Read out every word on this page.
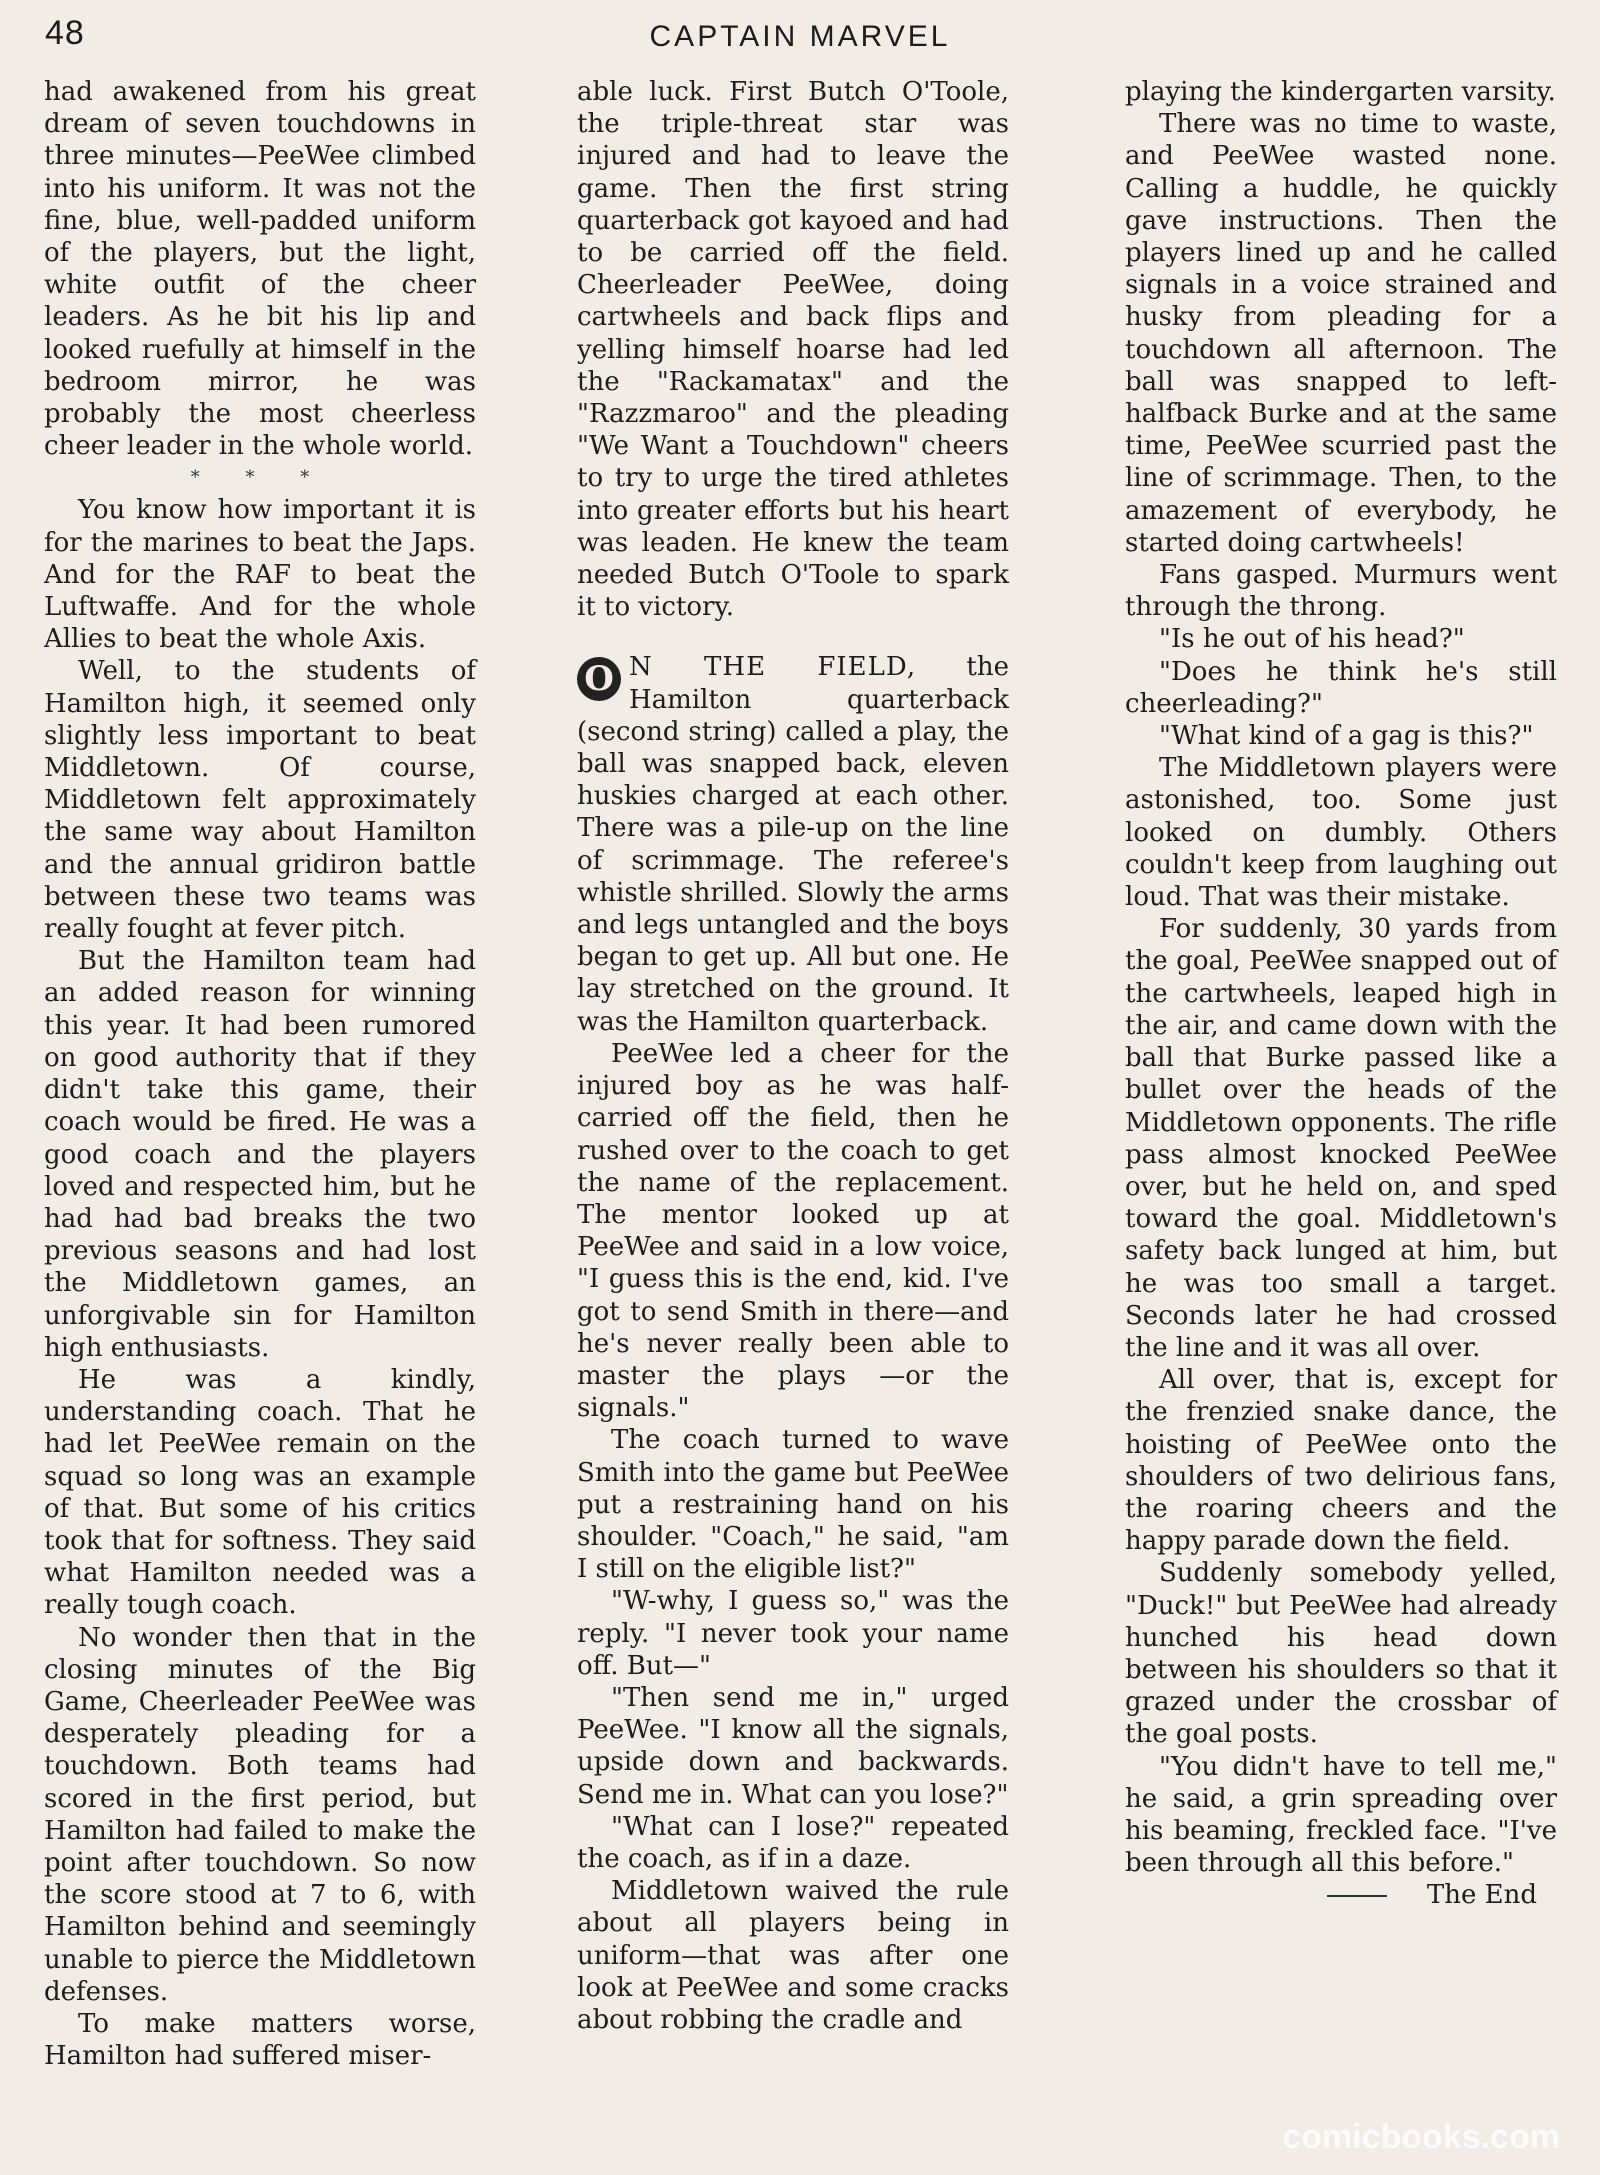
48	CAPTAIN MARVEL

had awakened from his great dream of seven touchdowns in three minutes—PeeWee climbed into his uniform. It was not the fine, blue, well-padded uniform of the players, but the light, white outfit of the cheer leaders. As he bit his lip and looked ruefully at himself in the bedroom mirror, he was probably the most cheerless cheer leader in the whole world.

* * *

You know how important it is for the marines to beat the Japs. And for the RAF to beat the Luftwaffe. And for the whole Allies to beat the whole Axis.

Well, to the students of Hamilton high, it seemed only slightly less important to beat Middletown. Of course, Middletown felt approximately the same way about Hamilton and the annual gridiron battle between these two teams was really fought at fever pitch.

But the Hamilton team had an added reason for winning this year. It had been rumored on good authority that if they didn't take this game, their coach would be fired. He was a good coach and the players loved and respected him, but he had had bad breaks the two previous seasons and had lost the Middletown games, an unforgivable sin for Hamilton high enthusiasts.

He was a kindly, understanding coach. That he had let PeeWee remain on the squad so long was an example of that. But some of his critics took that for softness. They said what Hamilton needed was a really tough coach.

No wonder then that in the closing minutes of the Big Game, Cheerleader PeeWee was desperately pleading for a touchdown. Both teams had scored in the first period, but Hamilton had failed to make the point after touchdown. So now the score stood at 7 to 6, with Hamilton behind and seemingly unable to pierce the Middletown defenses.

To make matters worse, Hamilton had suffered miser-

able luck. First Butch O'Toole, the triple-threat star was injured and had to leave the game. Then the first string quarterback got kayoed and had to be carried off the field. Cheerleader PeeWee, doing cartwheels and back flips and yelling himself hoarse had led the "Rackamatax" and the "Razzmaroo" and the pleading "We Want a Touchdown" cheers to try to urge the tired athletes into greater efforts but his heart was leaden. He knew the team needed Butch O'Toole to spark it to victory.

O N THE FIELD, the Hamilton quarterback (second string) called a play, the ball was snapped back, eleven huskies charged at each other. There was a pile-up on the line of scrimmage. The referee's whistle shrilled. Slowly the arms and legs untangled and the boys began to get up. All but one. He lay stretched on the ground. It was the Hamilton quarterback.

PeeWee led a cheer for the injured boy as he was half-carried off the field, then he rushed over to the coach to get the name of the replacement. The mentor looked up at PeeWee and said in a low voice, "I guess this is the end, kid. I've got to send Smith in there—and he's never really been able to master the plays —or the signals."

The coach turned to wave Smith into the game but PeeWee put a restraining hand on his shoulder. "Coach," he said, "am I still on the eligible list?"

"W-why, I guess so," was the reply. "I never took your name off. But—"

"Then send me in," urged PeeWee. "I know all the signals, upside down and backwards. Send me in. What can you lose?"

"What can I lose?" repeated the coach, as if in a daze.

Middletown waived the rule about all players being in uniform—that was after one look at PeeWee and some cracks about robbing the cradle and

playing the kindergarten varsity.

There was no time to waste, and PeeWee wasted none. Calling a huddle, he quickly gave instructions. Then the players lined up and he called signals in a voice strained and husky from pleading for a touchdown all afternoon. The ball was snapped to left-halfback Burke and at the same time, PeeWee scurried past the line of scrimmage. Then, to the amazement of everybody, he started doing cartwheels!

Fans gasped. Murmurs went through the throng.

"Is he out of his head?"

"Does he think he's still cheerleading?"

"What kind of a gag is this?"

The Middletown players were astonished, too. Some just looked on dumbly. Others couldn't keep from laughing out loud. That was their mistake.

For suddenly, 30 yards from the goal, PeeWee snapped out of the cartwheels, leaped high in the air, and came down with the ball that Burke passed like a bullet over the heads of the Middletown opponents. The rifle pass almost knocked PeeWee over, but he held on, and sped toward the goal. Middletown's safety back lunged at him, but he was too small a target. Seconds later he had crossed the line and it was all over.

All over, that is, except for the frenzied snake dance, the hoisting of PeeWee onto the shoulders of two delirious fans, the roaring cheers and the happy parade down the field.

Suddenly somebody yelled, "Duck!" but PeeWee had already hunched his head down between his shoulders so that it grazed under the crossbar of the goal posts.

"You didn't have to tell me," he said, a grin spreading over his beaming, freckled face. "I've been through all this before."

The End

comicbooks.com
